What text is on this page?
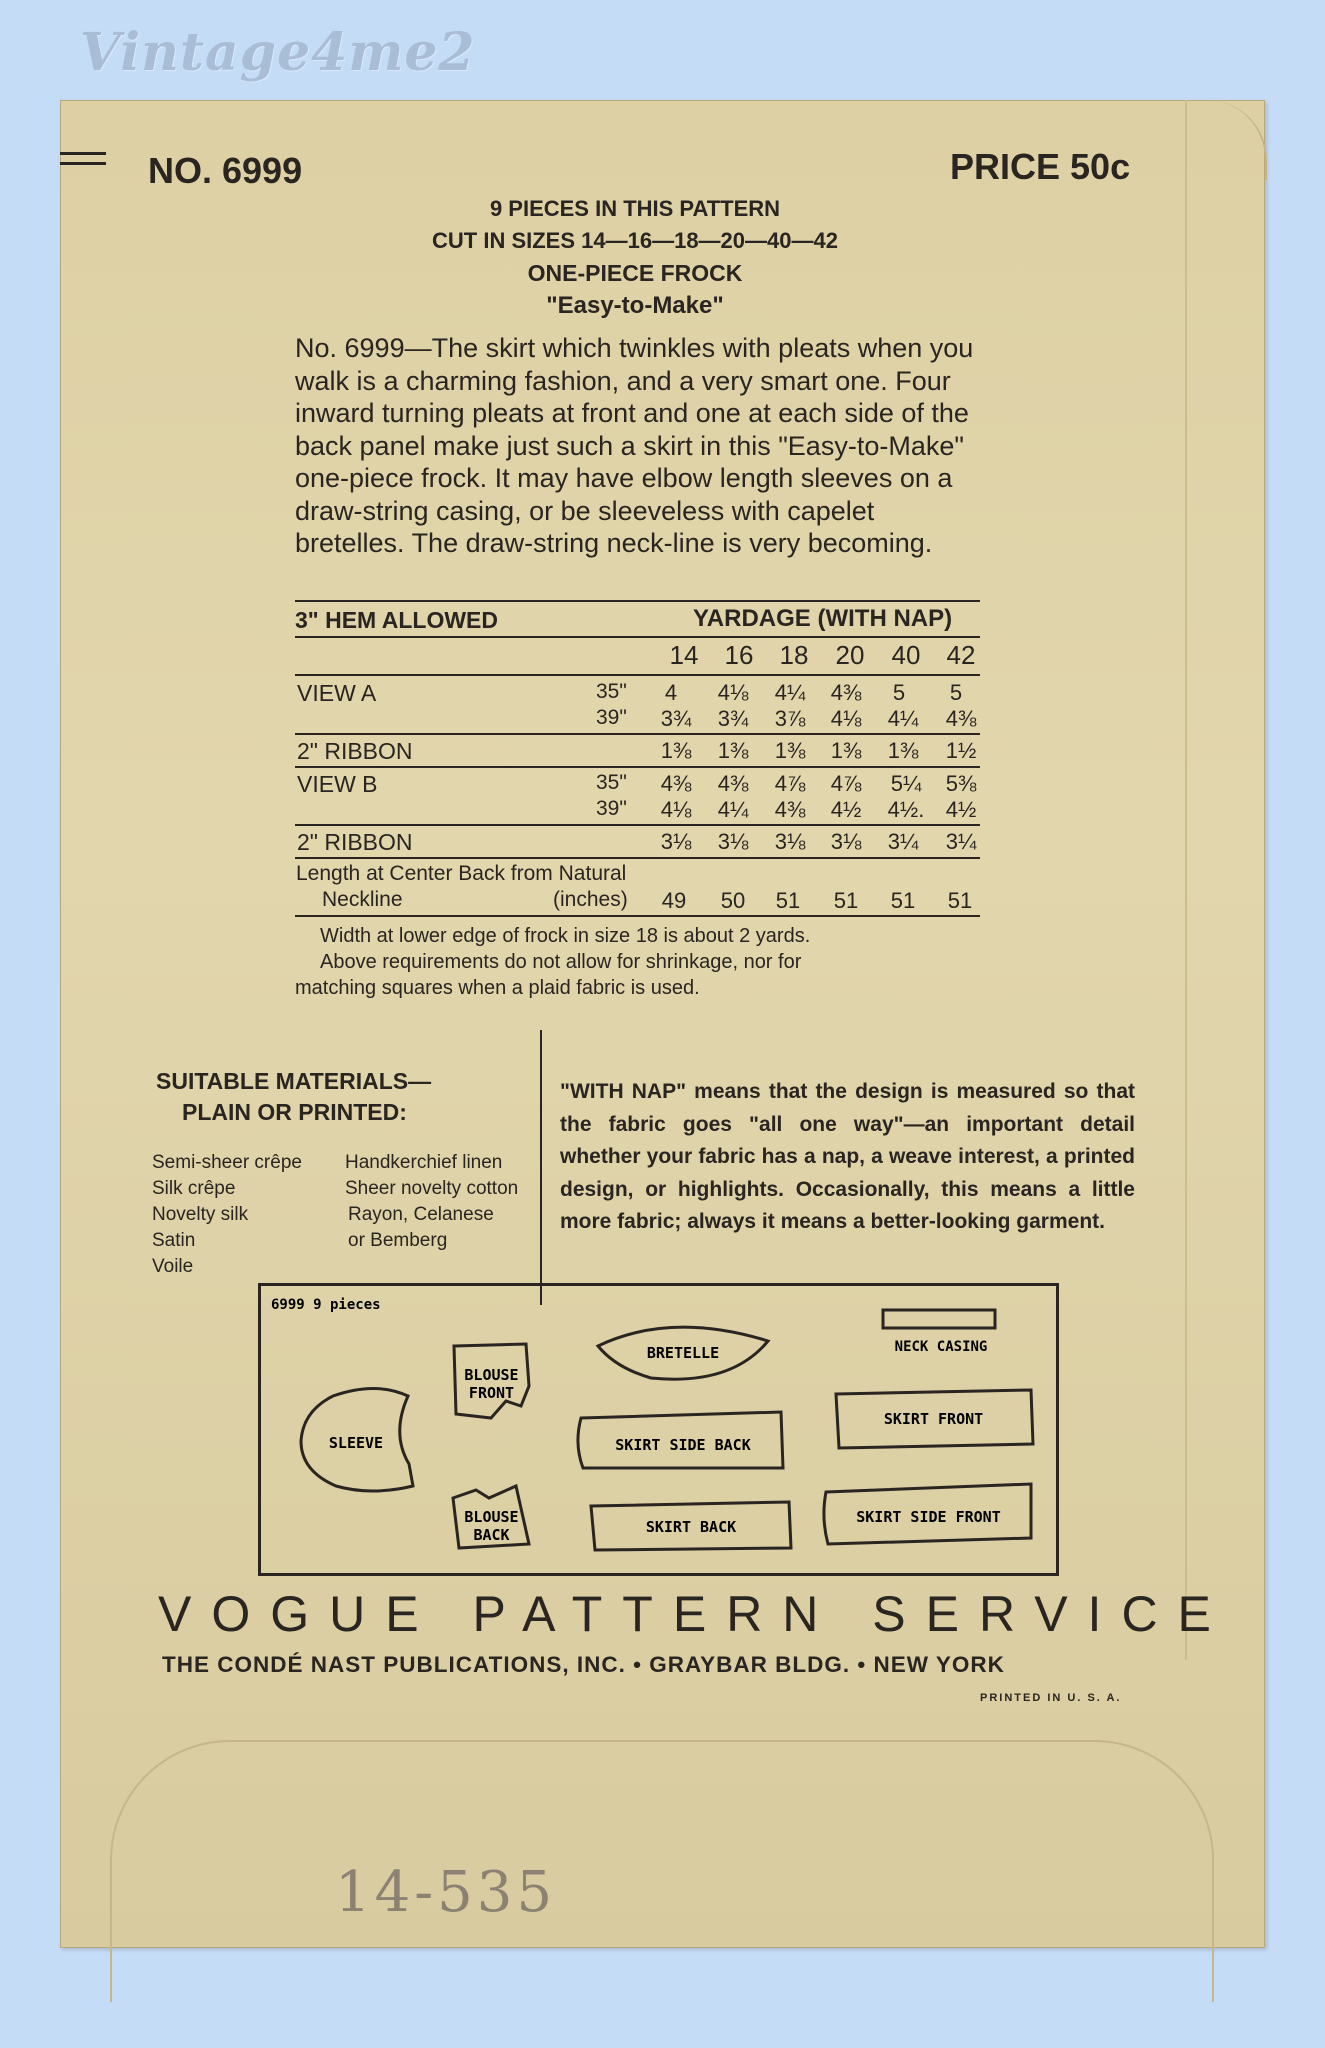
Vintage4me2
NO. 6999	PRICE 50c
9 PIECES IN THIS PATTERN
CUT IN SIZES 14—16—18—20—40—42
ONE-PIECE FROCK
"Easy-to-Make"
No. 6999—The skirt which twinkles with pleats when you walk is a charming fashion, and a very smart one. Four inward turning pleats at front and one at each side of the back panel make just such a skirt in this "Easy-to-Make" one-piece frock. It may have elbow length sleeves on a draw-string casing, or be sleeveless with capelet bretelles. The draw-string neck-line is very becoming.
3" HEM ALLOWED	YARDAGE (WITH NAP)
14	16	18	20	40	42
VIEW A	35"	4	4⅛	4¼	4⅜	5	5
39"	3¾	3¾	3⅞	4⅛	4¼	4⅜
2" RIBBON	1⅜	1⅜	1⅜	1⅜	1⅜	1½
VIEW B	35"	4⅜	4⅜	4⅞	4⅞	5¼	5⅜
39"	4⅛	4¼	4⅜	4½	4½. 4½
2" RIBBON	3⅛	3⅛	3⅛	3⅛	3¼	3¼
Length at Center Back from Natural
Neckline	(inches)	49	50	51	51	51	51
Width at lower edge of frock in size 18 is about 2 yards.
Above requirements do not allow for shrinkage, nor for
matching squares when a plaid fabric is used.
SUITABLE MATERIALS—
PLAIN OR PRINTED:
Semi-sheer crêpe
Silk crêpe
Novelty silk
Satin
Voile
Handkerchief linen
Sheer novelty cotton
Rayon, Celanese
or Bemberg
"WITH NAP" means that the design is measured so that the fabric goes "all one way"—an important detail whether your fabric has a nap, a weave interest, a printed design, or highlights. Occasionally, this means a little more fabric; always it means a better-looking garment.
6999 9 pieces
BLOUSE
FRONT
BRETELLE	NECK CASING
SLEEVE	SKIRT SIDE BACK
SKIRT FRONT
BLOUSE
BACK	SKIRT BACK
SKIRT SIDE FRONT
VOGUE PATTERN SERVICE
THE CONDÉ NAST PUBLICATIONS, INC. • GRAYBAR BLDG. • NEW YORK
PRINTED IN U. S. A.
14-535
